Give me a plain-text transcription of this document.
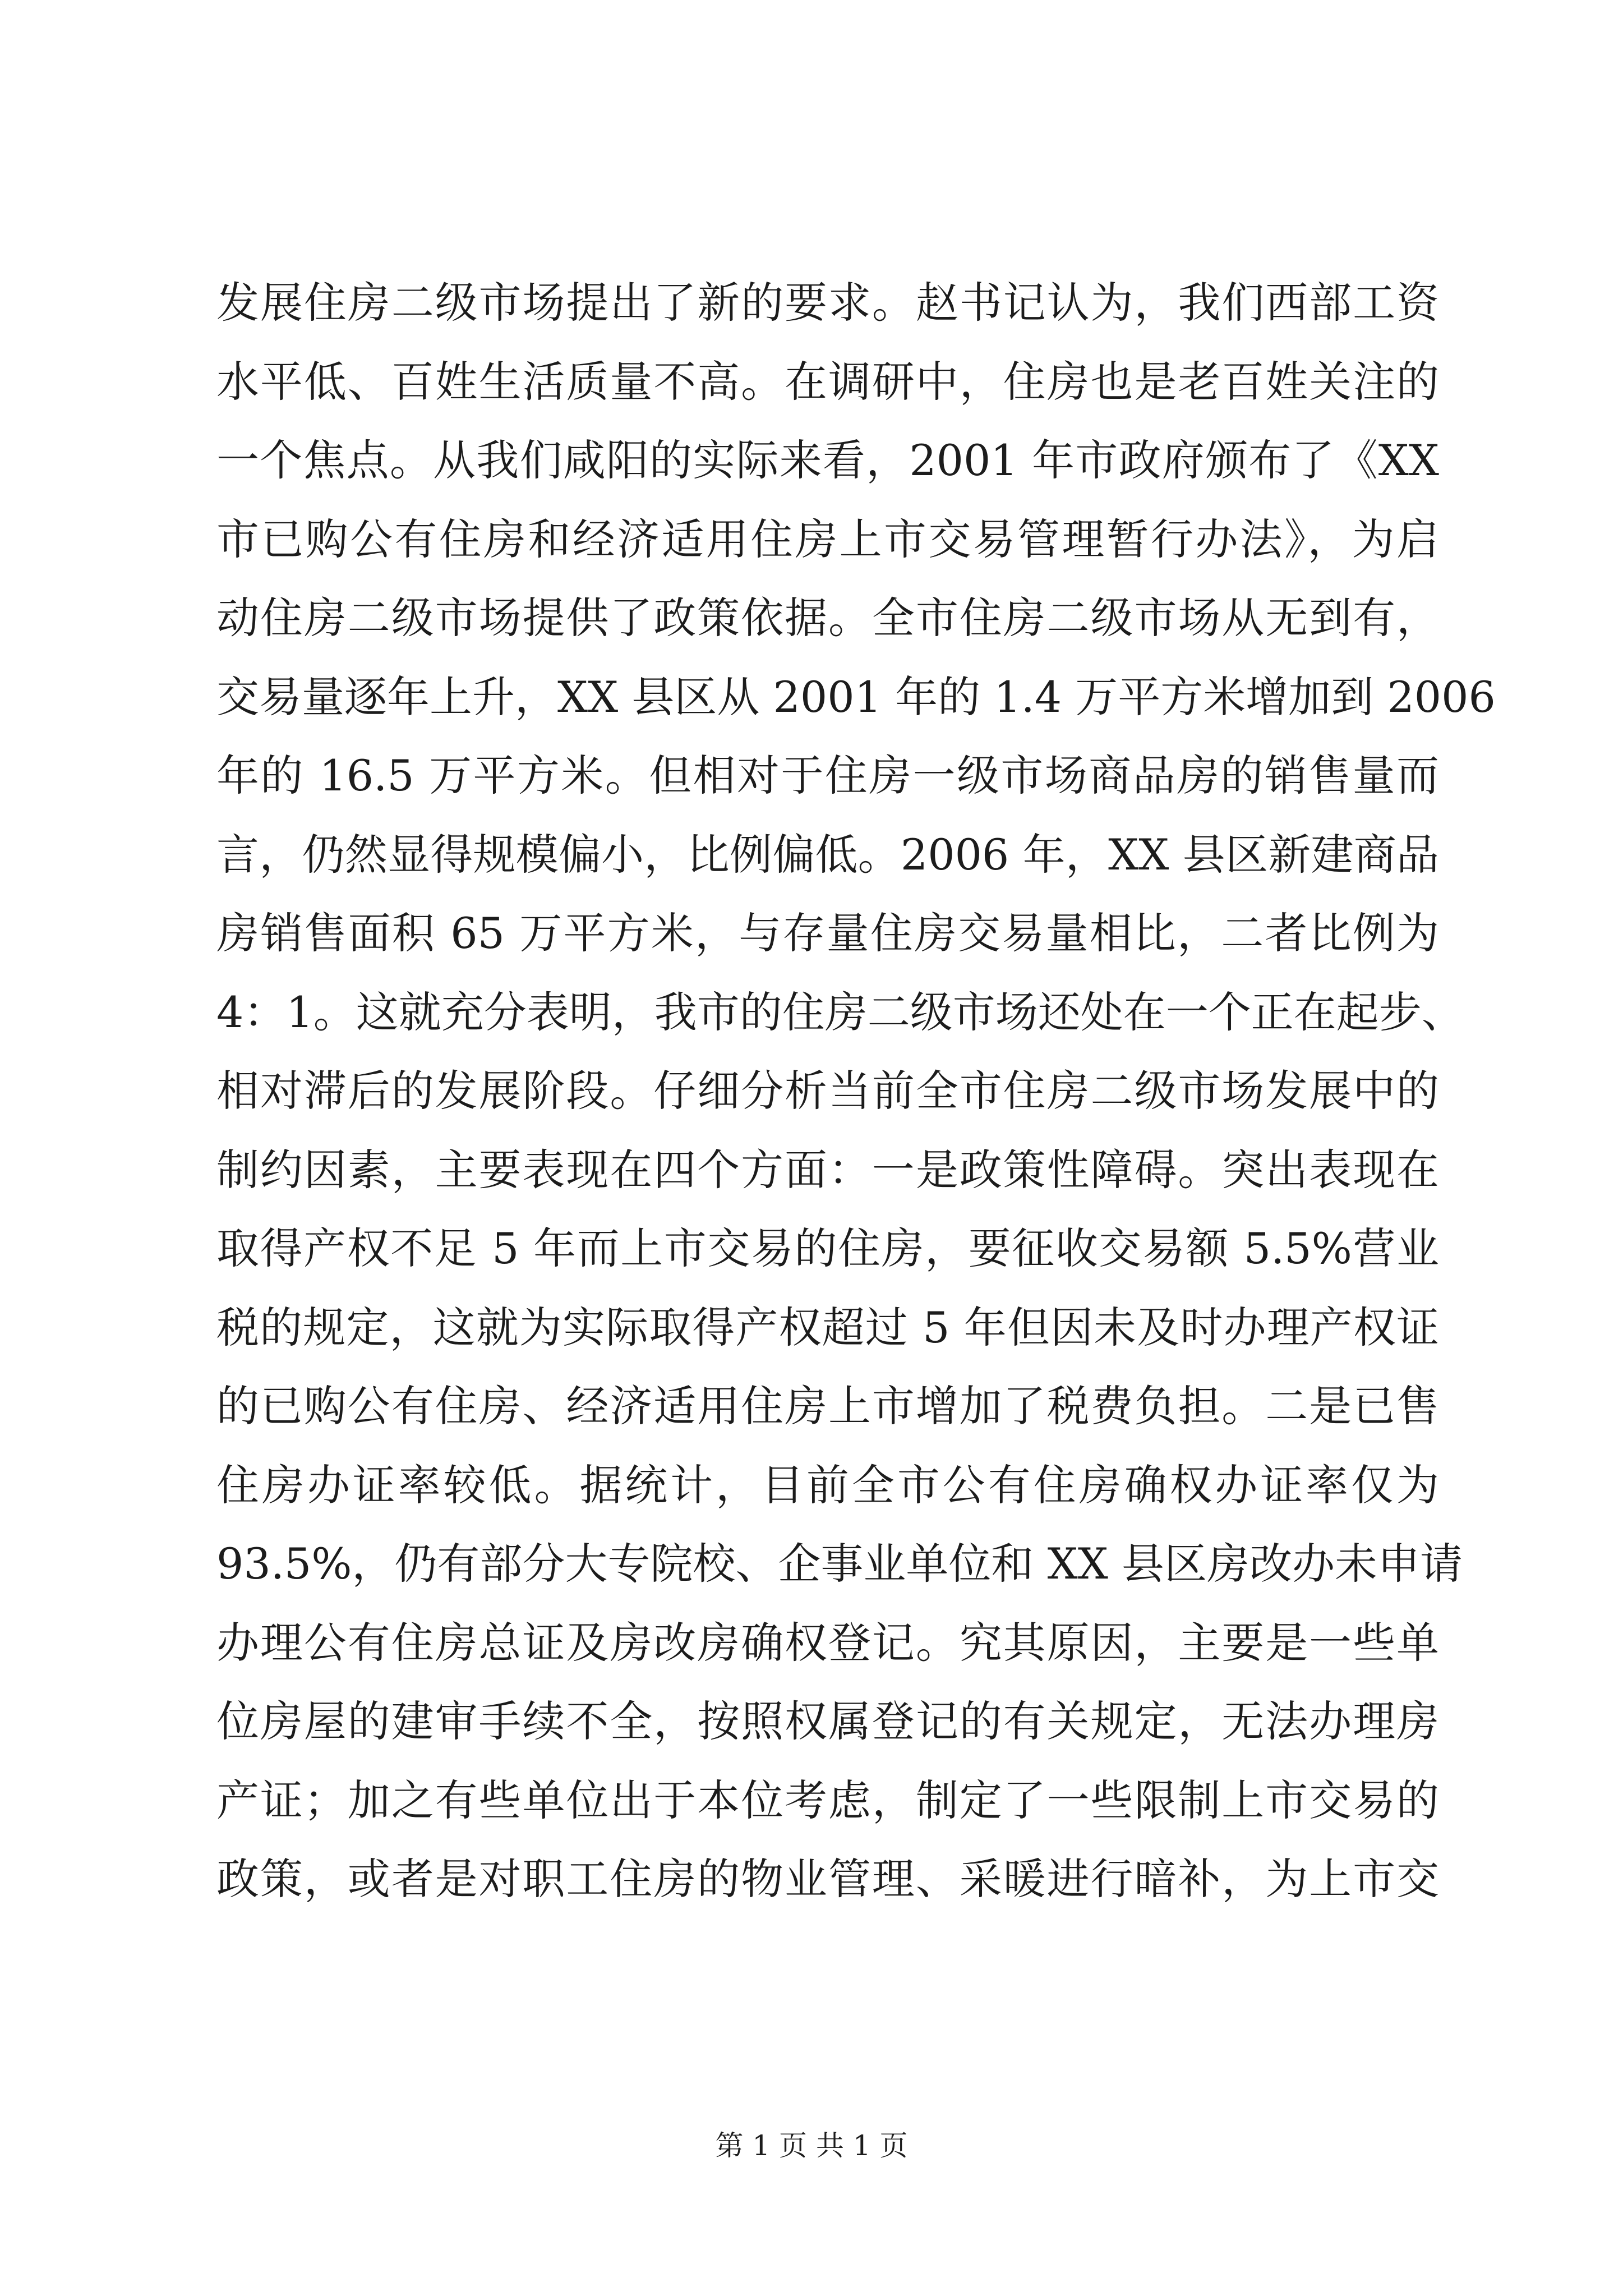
发展住房二级市场提出了新的要求。赵书记认为，我们西部工资
水平低、百姓生活质量不高。在调研中，住房也是老百姓关注的
一个焦点。从我们咸阳的实际来看，2001 年市政府颁布了《XX
市已购公有住房和经济适用住房上市交易管理暂行办法》，为启
动住房二级市场提供了政策依据。全市住房二级市场从无到有，
交易量逐年上升，XX 县区从 2001 年的 1.4 万平方米增加到 2006
年的 16.5 万平方米。但相对于住房一级市场商品房的销售量而
言，仍然显得规模偏小，比例偏低。2006 年，XX 县区新建商品
房销售面积 65 万平方米，与存量住房交易量相比，二者比例为
4：1。这就充分表明，我市的住房二级市场还处在一个正在起步、
相对滞后的发展阶段。仔细分析当前全市住房二级市场发展中的
制约因素，主要表现在四个方面：一是政策性障碍。突出表现在
取得产权不足 5 年而上市交易的住房，要征收交易额 5.5%营业
税的规定，这就为实际取得产权超过 5 年但因未及时办理产权证
的已购公有住房、经济适用住房上市增加了税费负担。二是已售
住房办证率较低。据统计，目前全市公有住房确权办证率仅为
93.5%，仍有部分大专院校、企事业单位和 XX 县区房改办未申请
办理公有住房总证及房改房确权登记。究其原因，主要是一些单
位房屋的建审手续不全，按照权属登记的有关规定，无法办理房
产证；加之有些单位出于本位考虑，制定了一些限制上市交易的
政策，或者是对职工住房的物业管理、采暖进行暗补，为上市交
第 1 页 共 1 页
